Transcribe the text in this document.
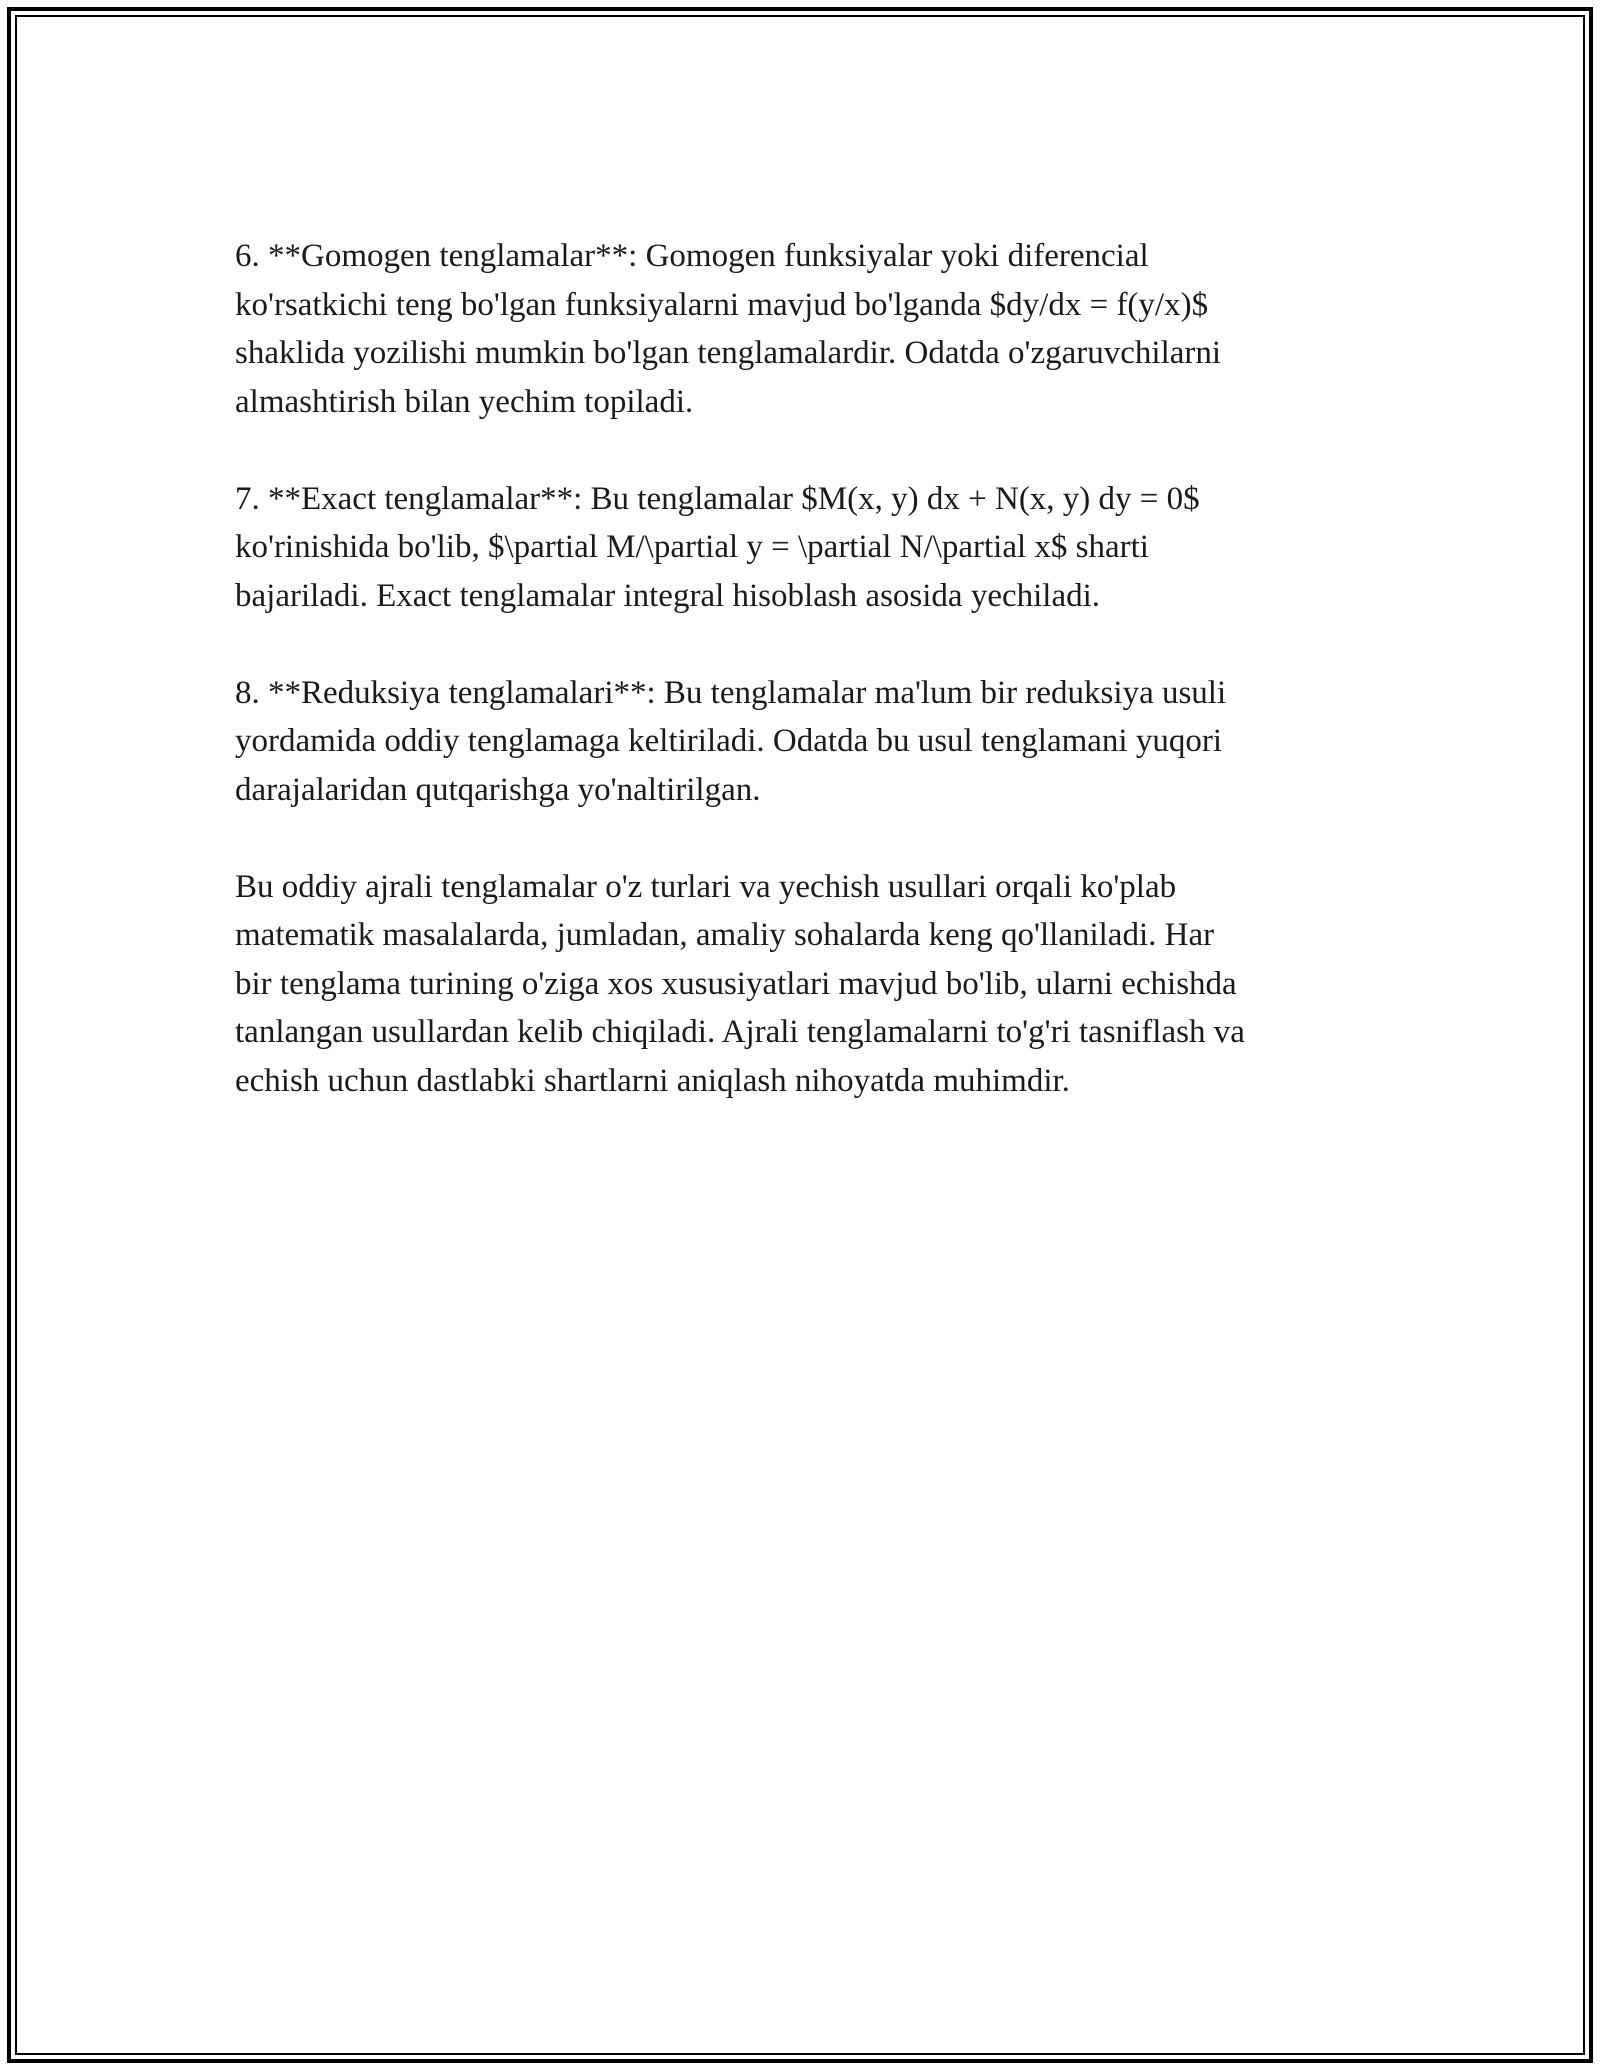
6. **Gomogen tenglamalar**: Gomogen funksiyalar yoki diferencial
ko'rsatkichi teng bo'lgan funksiyalarni mavjud bo'lganda $dy/dx = f(y/x)$
shaklida yozilishi mumkin bo'lgan tenglamalardir. Odatda o'zgaruvchilarni
almashtirish bilan yechim topiladi.

7. **Exact tenglamalar**: Bu tenglamalar $M(x, y) dx + N(x, y) dy = 0$
ko'rinishida bo'lib, $\partial M/\partial y = \partial N/\partial x$ sharti
bajariladi. Exact tenglamalar integral hisoblash asosida yechiladi.

8. **Reduksiya tenglamalari**: Bu tenglamalar ma'lum bir reduksiya usuli
yordamida oddiy tenglamaga keltiriladi. Odatda bu usul tenglamani yuqori
darajalaridan qutqarishga yo'naltirilgan.

Bu oddiy ajrali tenglamalar o'z turlari va yechish usullari orqali ko'plab
matematik masalalarda, jumladan, amaliy sohalarda keng qo'llaniladi. Har
bir tenglama turining o'ziga xos xususiyatlari mavjud bo'lib, ularni echishda
tanlangan usullardan kelib chiqiladi. Ajrali tenglamalarni to'g'ri tasniflash va
echish uchun dastlabki shartlarni aniqlash nihoyatda muhimdir.
